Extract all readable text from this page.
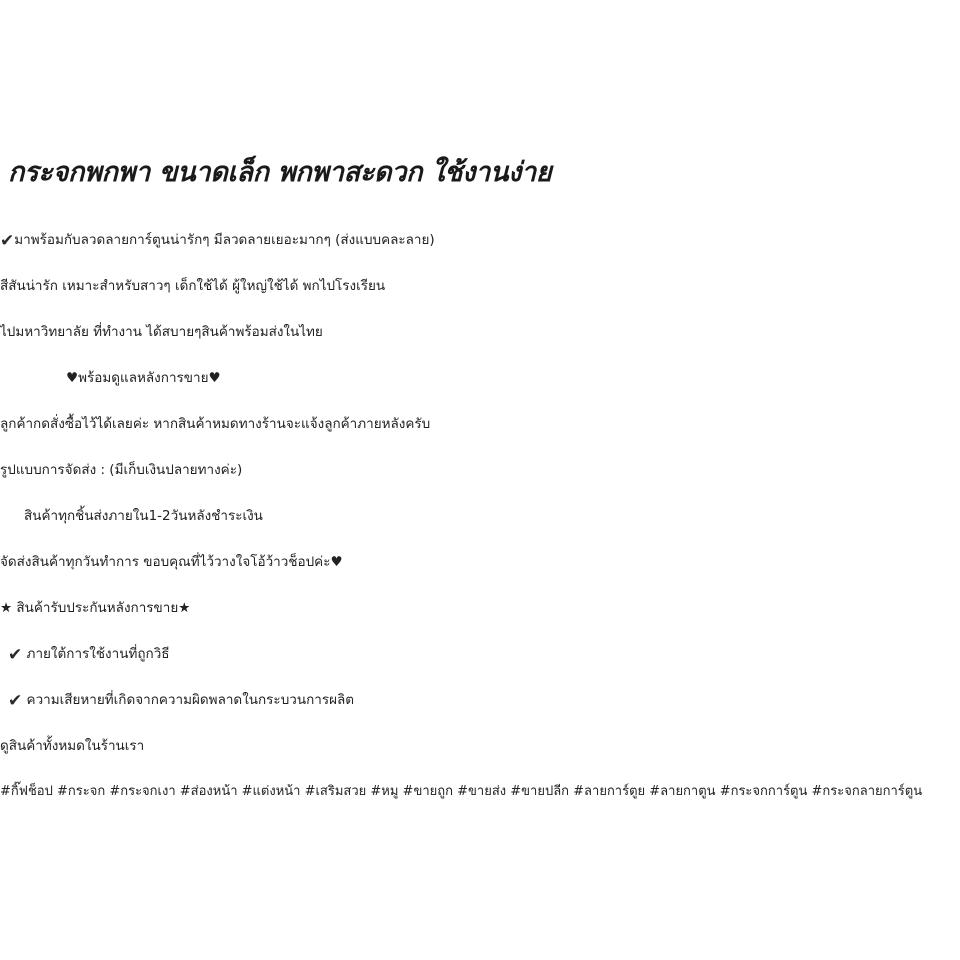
กระจกพกพา ขนาดเล็ก พกพาสะดวก ใช้งานง่าย

✔มาพร้อมกับลวดลายการ์ตูนน่ารักๆ มีลวดลายเยอะมากๆ (ส่งแบบคละลาย)

สีสันน่ารัก เหมาะสำหรับสาวๆ เด็กใช้ได้ ผู้ใหญ่ใช้ได้ พกไปโรงเรียน

ไปมหาวิทยาลัย ที่ทำงาน ได้สบายๆสินค้าพร้อมส่งในไทย

♥พร้อมดูแลหลังการขาย♥

ลูกค้ากดสั่งซื้อไว้ได้เลยค่ะ หากสินค้าหมดทางร้านจะแจ้งลูกค้าภายหลังครับ

รูปแบบการจัดส่ง : (มีเก็บเงินปลายทางค่ะ)

สินค้าทุกชิ้นส่งภายใน1-2วันหลังชำระเงิน

จัดส่งสินค้าทุกวันทำการ ขอบคุณที่ไว้วางใจโอ้ว้าวช็อปค่ะ♥

★ สินค้ารับประกันหลังการขาย★

✔ ภายใต้การใช้งานที่ถูกวิธี

✔ ความเสียหายที่เกิดจากความผิดพลาดในกระบวนการผลิต

ดูสินค้าทั้งหมดในร้านเรา

#กิ๊ฟช็อป #กระจก #กระจกเงา #ส่องหน้า #แต่งหน้า #เสริมสวย #หมู #ขายถูก #ขายส่ง #ขายปลีก #ลายการ์ตูย #ลายกาตูน #กระจกการ์ตูน #กระจกลายการ์ตูน
